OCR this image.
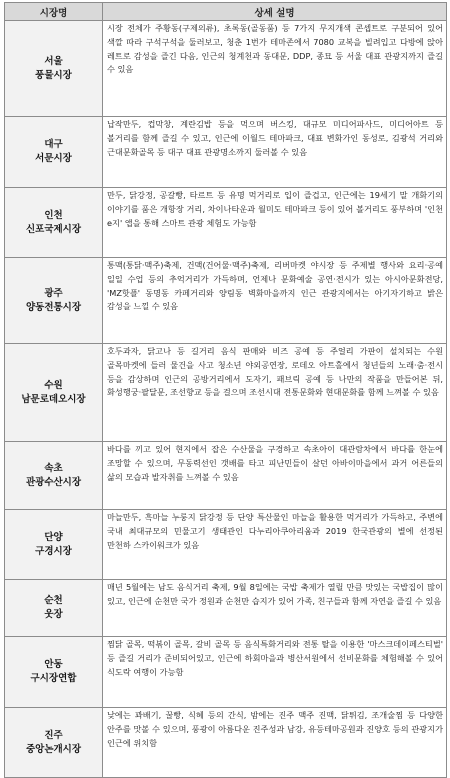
시장명	상세 설명

서울
풍물시장	시장 전체가 주황동(구제의류), 초록동(골동품) 등 7가지 무지개색 콘셉트로 구분되어 있어 색깔 따라 구석구석을 둘러보고, 청춘 1번가 테마존에서 7080 교복을 빌려입고 다방에 앉아 레트로 감성을 즐긴 다음, 인근의 청계천과 동대문, DDP, 종묘 등 서울 대표 관광지까지 즐길 수 있음

대구
서문시장	납작만두, 컵막창, 계란김밥 등을 먹으며 버스킹, 대규모 미디어파사드, 미디어아트 등 볼거리를 함께 즐길 수 있고, 인근에 이월드 테마파크, 대표 변화가인 동성로, 김광석 거리와 근대문화골목 등 대구 대표 관광명소까지 둘러볼 수 있음

인천
신포국제시장	만두, 닭강정, 공갈빵, 타르트 등 유명 먹거리로 입이 즐겁고, 인근에는 19세기 말 개화기의 이야기를 품은 개항장 거리, 차이나타운과 월미도 테마파크 등이 있어 볼거리도 풍부하며 '인천 e지' 앱을 통해 스마트 관광 체험도 가능함

광주
양동전통시장	통맥(통닭·맥주)축제, 건맥(건어물·맥주)축제, 리버마켓 야시장 등 주제별 행사와 요리·공예 일일 수업 등의 추억거리가 가득하며, 언제나 문화예술 공연·전시가 있는 아시아문화전당, 'MZ핫플' 동명동 카페거리와 양림동 벽화마을까지 인근 관광지에서는 아기자기하고 밝은 감성을 느낄 수 있음

수원
남문로데오시장	호두과자, 닭고나 등 길거리 음식 판매와 비즈 공예 등 주얼리 가판이 설치되는 수원 골목마켓에 들러 물건을 사고 청소년 야외공연장, 로데오 아트홀에서 청년들의 노래·춤·전시 등을 감상하며 인근의 공방거리에서 도자기, 패브릭 공예 등 나만의 작품을 만들어본 뒤, 화성행궁·팔달문, 조선향교 등을 걸으며 조선시대 전통문화와 현대문화를 함께 느껴볼 수 있음

속초
관광수산시장	바다를 끼고 있어 현지에서 잡은 수산물을 구경하고 속초아이 대관람차에서 바다를 한눈에 조망할 수 있으며, 무동력선인 갯배를 타고 피난민들이 살던 아바이마을에서 과거 어른들의 삶의 모습과 발자취를 느껴볼 수 있음

단양
구경시장	마늘만두, 흑마늘 누룽지 닭강정 등 단양 특산물인 마늘을 활용한 먹거리가 가득하고, 주변에 국내 최대규모의 민물고기 생태관인 다누리아쿠아리움과 2019 한국관광의 별에 선정된 만천하 스카이워크가 있음

순천
웃장	매년 5월에는 남도 음식거리 축제, 9월 8일에는 국밥 축제가 열릴 만큼 맛있는 국밥집이 많이 있고, 인근에 순천만 국가 정원과 순천만 습지가 있어 가족, 친구들과 함께 자연을 즐길 수 있음

안동
구시장연합	찜닭 골목, 떡볶이 골목, 갈비 골목 등 음식특화거리와 전통 탈을 이용한 '마스크데이페스티벌' 등 즐길 거리가 준비되어있고, 인근에 하회마을과 병산서원에서 선비문화를 체험해볼 수 있어 식도락 여행이 가능함

진주
중앙논개시장	낮에는 꽈배기, 꿀빵, 식혜 등의 간식, 밤에는 진주 맥주 진맥, 닭튀김, 조개술찜 등 다양한 안주를 맛볼 수 있으며, 풍광이 아름다운 진주성과 남강, 유등테마공원과 진양호 등의 관광지가 인근에 위치함
